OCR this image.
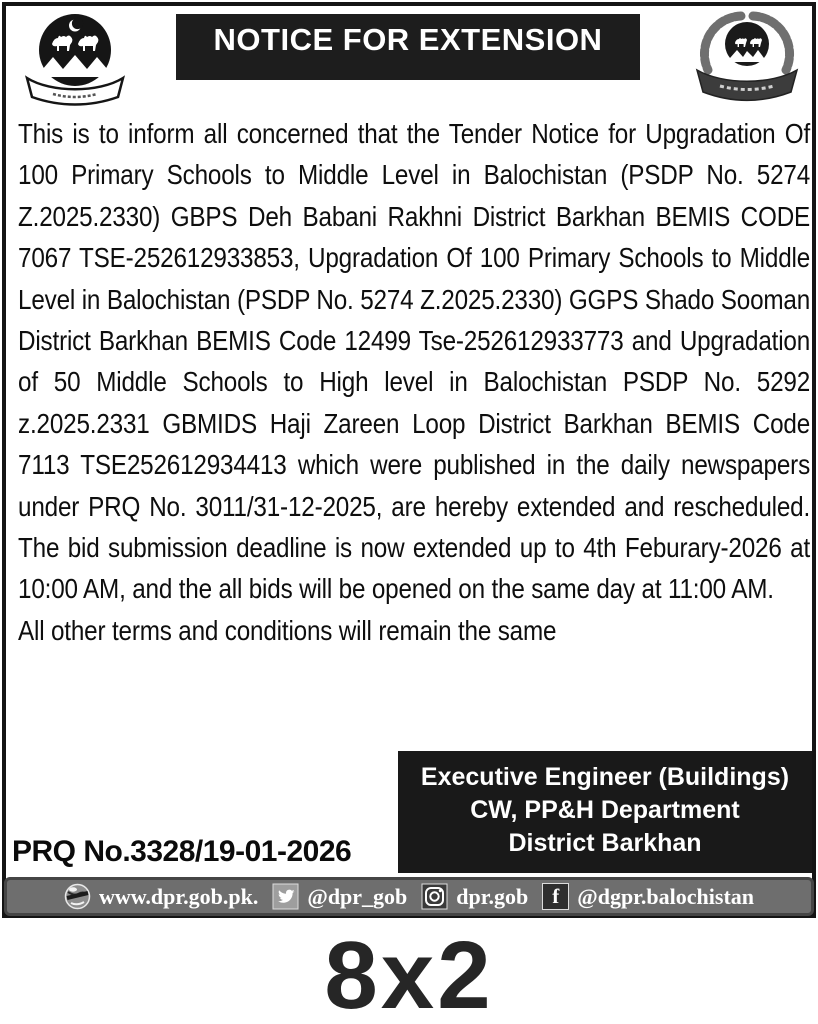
NOTICE FOR EXTENSION

This is to inform all concerned that the Tender Notice for Upgradation Of 100 Primary Schools to Middle Level in Balochistan (PSDP No. 5274 Z.2025.2330) GBPS Deh Babani Rakhni District Barkhan BEMIS CODE 7067 TSE-252612933853, Upgradation Of 100 Primary Schools to Middle Level in Balochistan (PSDP No. 5274 Z.2025.2330) GGPS Shado Sooman District Barkhan BEMIS Code 12499 Tse-252612933773 and Upgradation of 50 Middle Schools to High level in Balochistan PSDP No. 5292 z.2025.2331 GBMIDS Haji Zareen Loop District Barkhan BEMIS Code 7113 TSE252612934413 which were published in the daily newspapers under PRQ No. 3011/31-12-2025, are hereby extended and rescheduled. The bid submission deadline is now extended up to 4th Feburary-2026 at 10:00 AM, and the all bids will be opened on the same day at 11:00 AM.

All other terms and conditions will remain the same

PRQ No.3328/19-01-2026
Executive Engineer (Buildings)
CW, PP&H Department
District Barkhan
www.dpr.gob.pk. @dpr_gob dpr.gob	f @dgpr.balochistan
8x2
